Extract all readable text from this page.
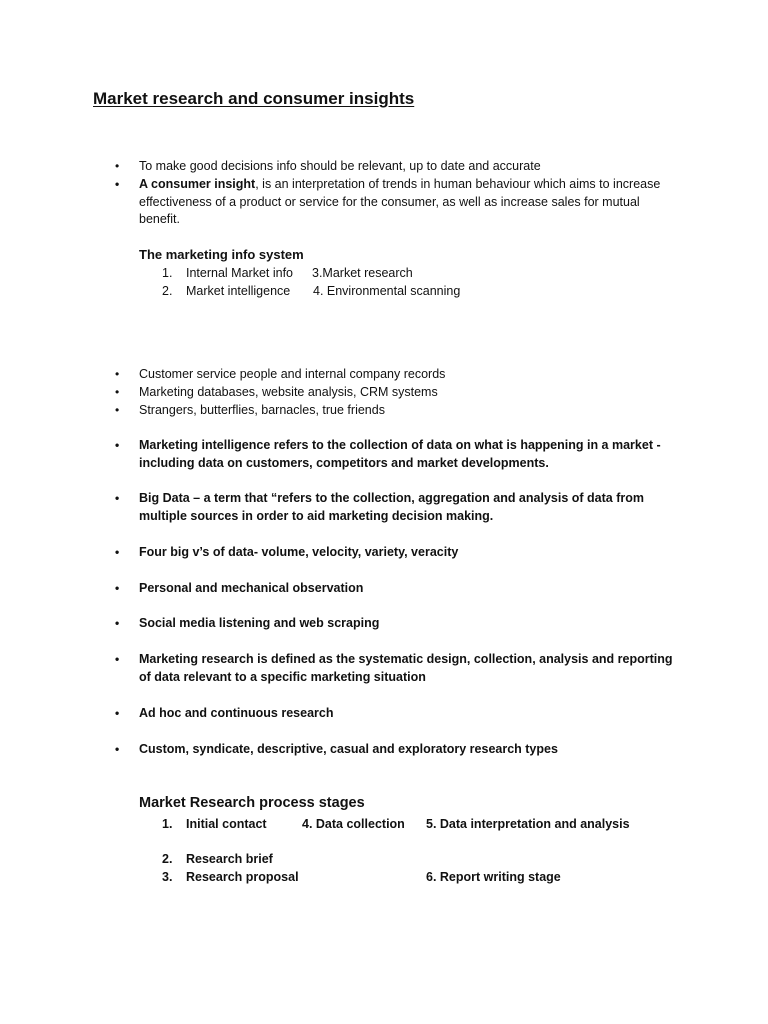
Market research and consumer insights
•	To make good decisions info should be relevant, up to date and accurate
•	A consumer insight, is an interpretation of trends in human behaviour which aims to increase effectiveness of a product or service for the consumer, as well as increase sales for mutual benefit.
The marketing info system
1. Internal Market info 3.Market research
2. Market intelligence 4. Environmental scanning
•	Customer service people and internal company records
•	Marketing databases, website analysis, CRM systems
•	Strangers, butterflies, barnacles, true friends
•	Marketing intelligence refers to the collection of data on what is happening in a market - including data on customers, competitors and market developments.
•	Big Data – a term that “refers to the collection, aggregation and analysis of data from multiple sources in order to aid marketing decision making.
•	Four big v’s of data- volume, velocity, variety, veracity
•	Personal and mechanical observation
•	Social media listening and web scraping
•	Marketing research is defined as the systematic design, collection, analysis and reporting of data relevant to a specific marketing situation
•	Ad hoc and continuous research
•	Custom, syndicate, descriptive, casual and exploratory research types
Market Research process stages
1. Initial contact	4. Data collection 5. Data interpretation and analysis
2. Research brief
3. Research proposal	6. Report writing stage
